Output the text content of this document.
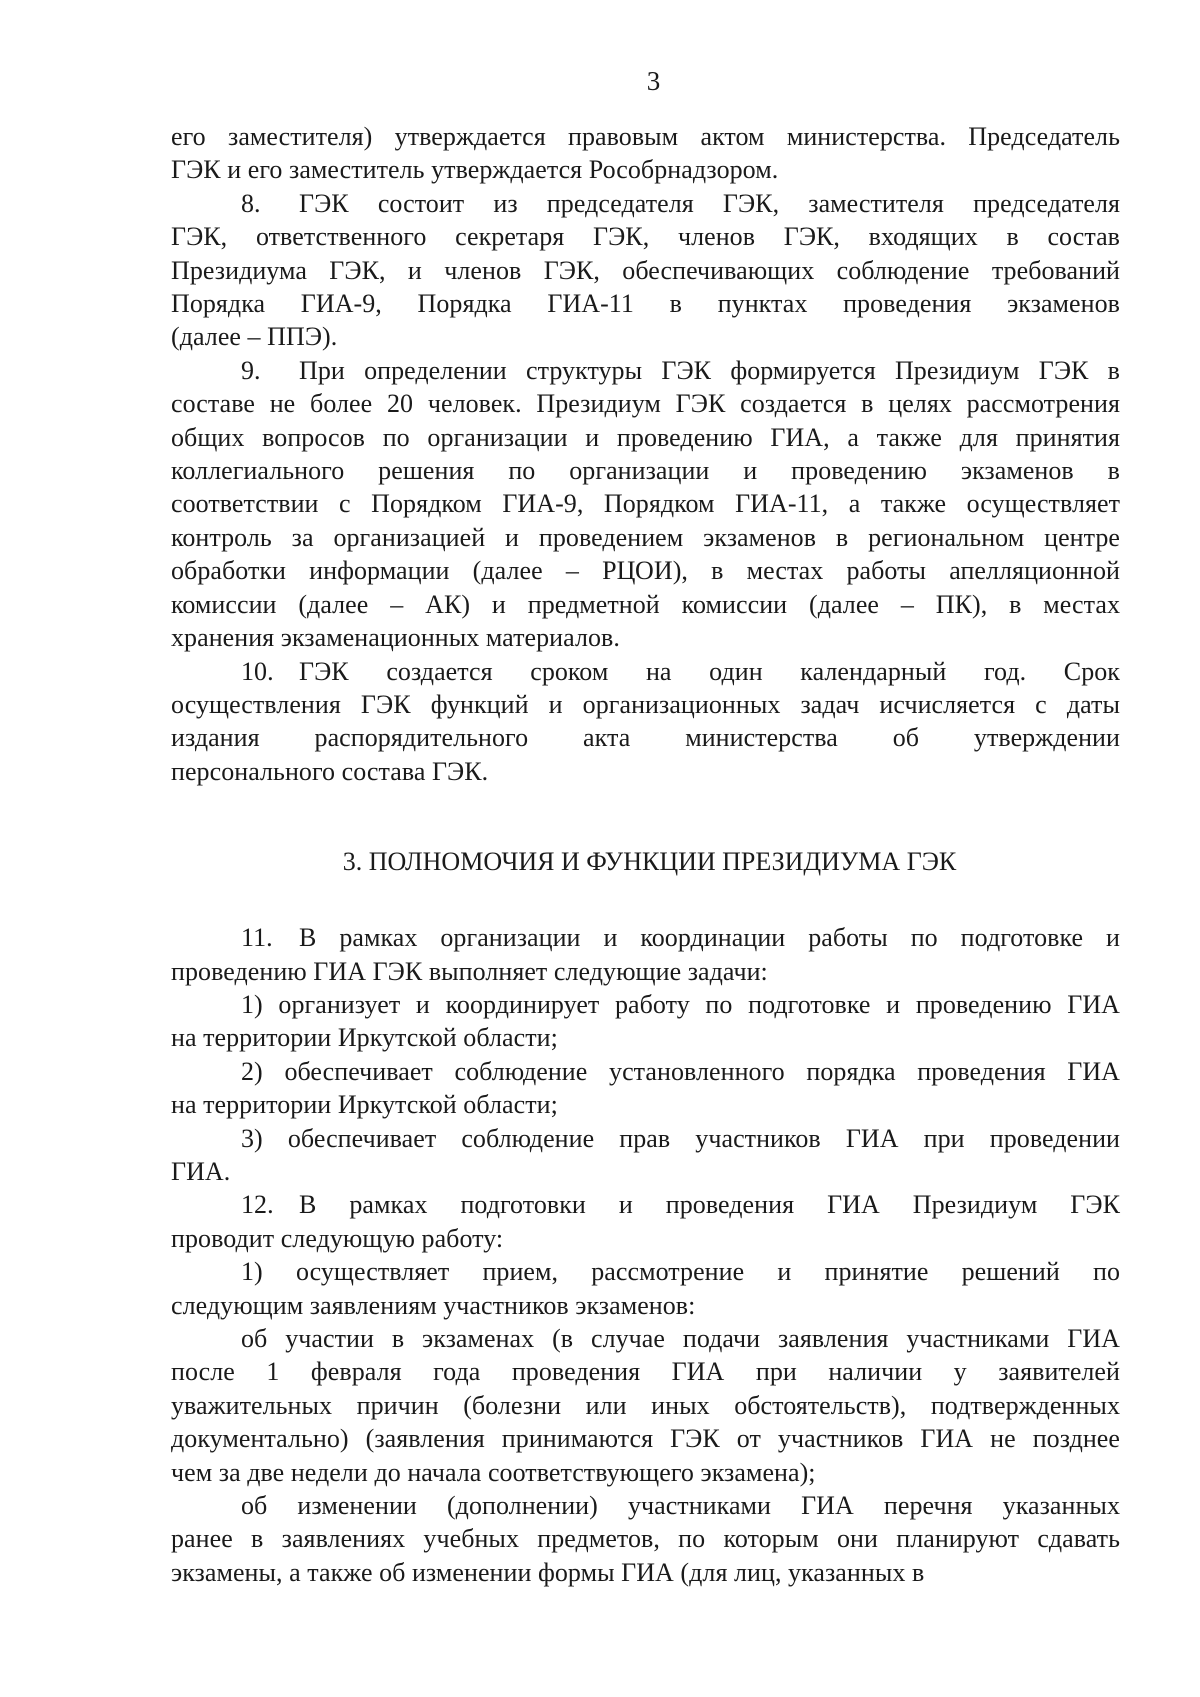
3
его заместителя) утверждается правовым актом министерства. Председатель
ГЭК и его заместитель утверждается Рособрнадзором.
8. ГЭК состоит из председателя ГЭК, заместителя председателя
ГЭК, ответственного секретаря ГЭК, членов ГЭК, входящих в состав
Президиума ГЭК, и членов ГЭК, обеспечивающих соблюдение требований
Порядка ГИА-9, Порядка ГИА-11 в пунктах проведения экзаменов
(далее – ППЭ).
9. При определении структуры ГЭК формируется Президиум ГЭК в
составе не более 20 человек. Президиум ГЭК создается в целях рассмотрения
общих вопросов по организации и проведению ГИА, а также для принятия
коллегиального решения по организации и проведению экзаменов в
соответствии с Порядком ГИА-9, Порядком ГИА-11, а также осуществляет
контроль за организацией и проведением экзаменов в региональном центре
обработки информации (далее – РЦОИ), в местах работы апелляционной
комиссии (далее – АК) и предметной комиссии (далее – ПК), в местах
хранения экзаменационных материалов.
10. ГЭК создается сроком на один календарный год. Срок
осуществления ГЭК функций и организационных задач исчисляется с даты
издания распорядительного акта министерства об утверждении
персонального состава ГЭК.
3. ПОЛНОМОЧИЯ И ФУНКЦИИ ПРЕЗИДИУМА ГЭК
11. В рамках организации и координации работы по подготовке и
проведению ГИА ГЭК выполняет следующие задачи:
1) организует и координирует работу по подготовке и проведению ГИА
на территории Иркутской области;
2) обеспечивает соблюдение установленного порядка проведения ГИА
на территории Иркутской области;
3) обеспечивает соблюдение прав участников ГИА при проведении
ГИА.
12. В рамках подготовки и проведения ГИА Президиум ГЭК
проводит следующую работу:
1) осуществляет прием, рассмотрение и принятие решений по
следующим заявлениям участников экзаменов:
об участии в экзаменах (в случае подачи заявления участниками ГИА
после 1 февраля года проведения ГИА при наличии у заявителей
уважительных причин (болезни или иных обстоятельств), подтвержденных
документально) (заявления принимаются ГЭК от участников ГИА не позднее
чем за две недели до начала соответствующего экзамена);
об изменении (дополнении) участниками ГИА перечня указанных
ранее в заявлениях учебных предметов, по которым они планируют сдавать
экзамены, а также об изменении формы ГИА (для лиц, указанных в
